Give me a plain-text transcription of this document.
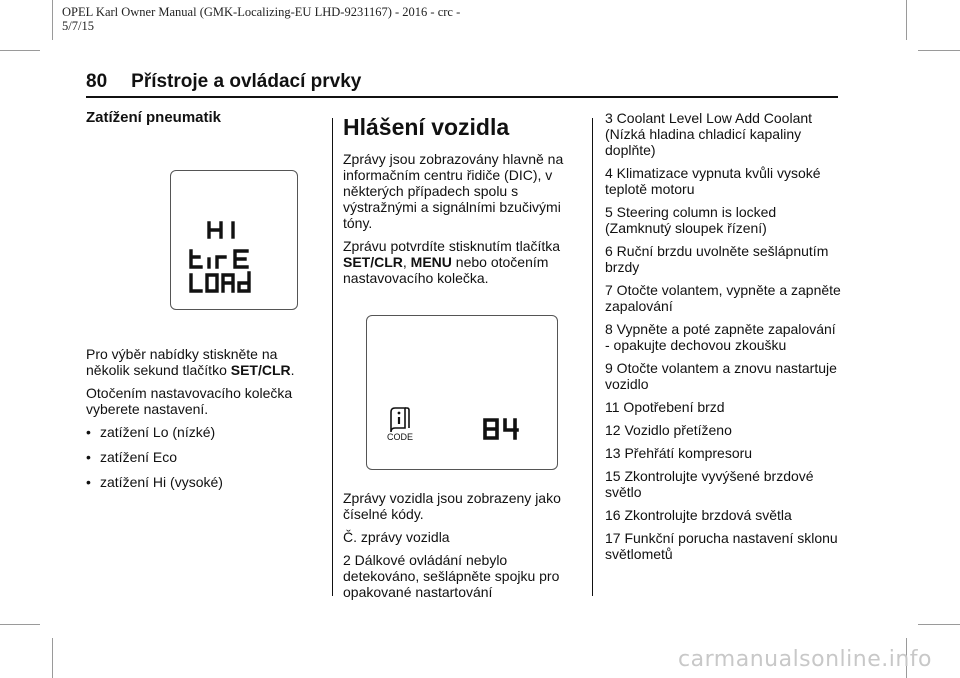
OPEL Karl Owner Manual (GMK-Localizing-EU LHD-9231167) - 2016 - crc -
5/7/15
80 Přístroje a ovládací prvky
Zatížení pneumatik

Pro výběr nabídky stiskněte na několik sekund tlačítko SET/CLR.

Otočením nastavovacího kolečka vyberete nastavení.

• zatížení Lo (nízké)
• zatížení Eco
• zatížení Hi (vysoké)
Hlášení vozidla

Zprávy jsou zobrazovány hlavně na informačním centru řidiče (DIC), v některých případech spolu s výstražnými a signálními bzučivými tóny.

Zprávu potvrdíte stisknutím tlačítka SET/CLR, MENU nebo otočením nastavovacího kolečka.

Zprávy vozidla jsou zobrazeny jako číselné kódy.

Č. zprávy vozidla

2 Dálkové ovládání nebylo detekováno, sešlápněte spojku pro opakované nastartování

CODE
84

3 Coolant Level Low Add Coolant (Nízká hladina chladicí kapaliny doplňte)

4 Klimatizace vypnuta kvůli vysoké teplotě motoru

5 Steering column is locked (Zamknutý sloupek řízení)

6 Ruční brzdu uvolněte sešlápnutím brzdy

7 Otočte volantem, vypněte a zapněte zapalování

8 Vypněte a poté zapněte zapalování - opakujte dechovou zkoušku

9 Otočte volantem a znovu nastartuje vozidlo

11 Opotřebení brzd

12 Vozidlo přetíženo

13 Přehřátí kompresoru

15 Zkontrolujte vyvýšené brzdové světlo

16 Zkontrolujte brzdová světla

17 Funkční porucha nastavení sklonu světlometů

carmanualsonline.info
